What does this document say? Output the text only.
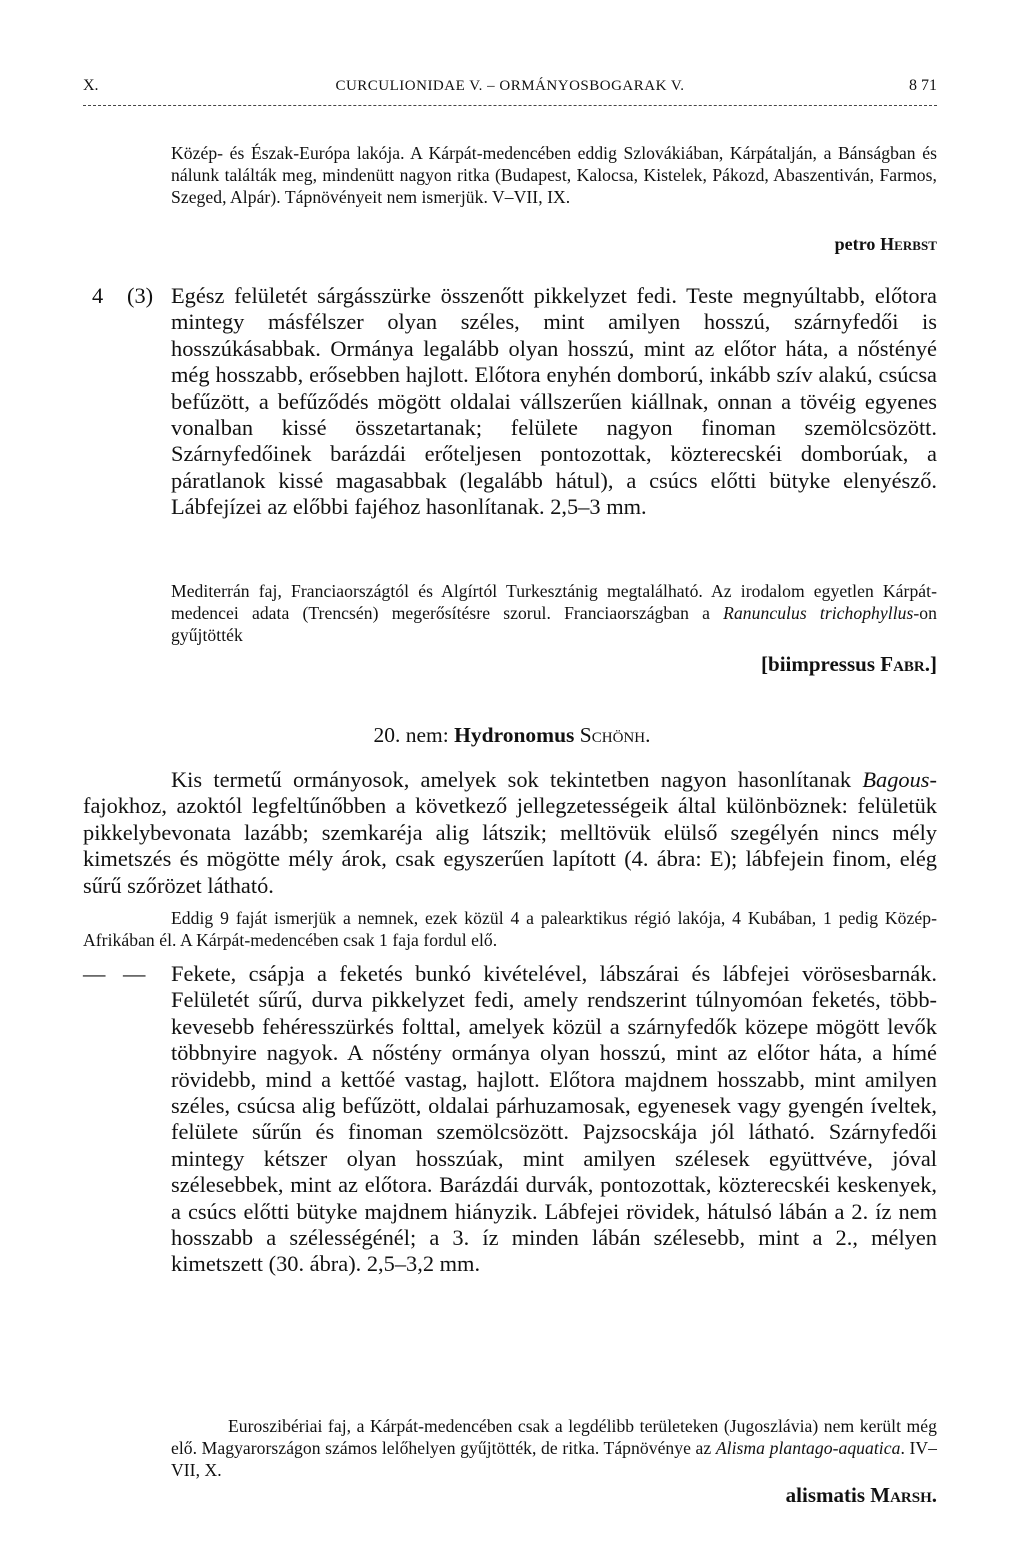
X.	CURCULIONIDAE V. – ORMÁNYOSBOGARAK V.	8 71

Közép- és Észak-Európa lakója. A Kárpát-medencében eddig Szlovákiában, Kárpátalján, a Bánságban és nálunk találták meg, mindenütt nagyon ritka (Budapest, Kalocsa, Kistelek, Pákozd, Abaszentiván, Farmos, Szeged, Alpár). Tápnövényeit nem ismerjük. V–VII, IX.

petro Herbst

4 (3) Egész felületét sárgásszürke összenőtt pikkelyzet fedi. Teste megnyúltabb, előtora mintegy másfélszer olyan széles, mint amilyen hosszú, szárnyfedői is hosszúkásabbak. Ormánya legalább olyan hosszú, mint az előtor háta, a nőstényé még hosszabb, erősebben hajlott. Előtora enyhén domború, inkább szív alakú, csúcsa befűzött, a befűződés mögött oldalai vállszerűen kiállnak, onnan a tövéig egyenes vonalban kissé összetartanak; felülete nagyon finoman szemölcsözött. Szárnyfedőinek barázdái erőteljesen pontozottak, közterecskéi domborúak, a páratlanok kissé magasabbak (legalább hátul), a csúcs előtti bütyke elenyésző. Lábfejízei az előbbi fajéhoz hasonlítanak. 2,5–3 mm.

Mediterrán faj, Franciaországtól és Algírtól Turkesztánig megtalálható. Az irodalom egyetlen Kárpát-medencei adata (Trencsén) megerősítésre szorul. Franciaországban a Ranunculus trichophyllus-on gyűjtötték

[biimpressus Fabr.]

20. nem: Hydronomus Schönh.

Kis termetű ormányosok, amelyek sok tekintetben nagyon hasonlítanak Bagous-fajokhoz, azoktól legfeltűnőbben a következő jellegzetességeik által különböznek: felületük pikkelybevonata lazább; szemkaréja alig látszik; melltövük elülső szegélyén nincs mély kimetszés és mögötte mély árok, csak egyszerűen lapított (4. ábra: E); lábfejein finom, elég sűrű szőrözet látható.

Eddig 9 faját ismerjük a nemnek, ezek közül 4 a palearktikus régió lakója, 4 Kubában, 1 pedig Közép-Afrikában él. A Kárpát-medencében csak 1 faja fordul elő.

— — Fekete, csápja a feketés bunkó kivételével, lábszárai és lábfejei vörösesbarnák. Felületét sűrű, durva pikkelyzet fedi, amely rendszerint túlnyomóan feketés, több-kevesebb fehéresszürkés folttal, amelyek közül a szárnyfedők közepe mögött levők többnyire nagyok. A nőstény ormánya olyan hosszú, mint az előtor háta, a hímé rövidebb, mind a kettőé vastag, hajlott. Előtora majdnem hosszabb, mint amilyen széles, csúcsa alig befűzött, oldalai párhuzamosak, egyenesek vagy gyengén íveltek, felülete sűrűn és finoman szemölcsözött. Pajzsocskája jól látható. Szárnyfedői mintegy kétszer olyan hosszúak, mint amilyen szélesek együttvéve, jóval szélesebbek, mint az előtora. Barázdái durvák, pontozottak, közterecskéi keskenyek, a csúcs előtti bütyke majdnem hiányzik. Lábfejei rövidek, hátulsó lábán a 2. íz nem hosszabb a szélességénél; a 3. íz minden lábán szélesebb, mint a 2., mélyen kimetszett (30. ábra). 2,5–3,2 mm.

Euroszibériai faj, a Kárpát-medencében csak a legdélibb területeken (Jugoszlávia) nem került még elő. Magyarországon számos lelőhelyen gyűjtötték, de ritka. Tápnövénye az Alisma plantago-aquatica. IV–VII, X.

alismatis Marsh.
